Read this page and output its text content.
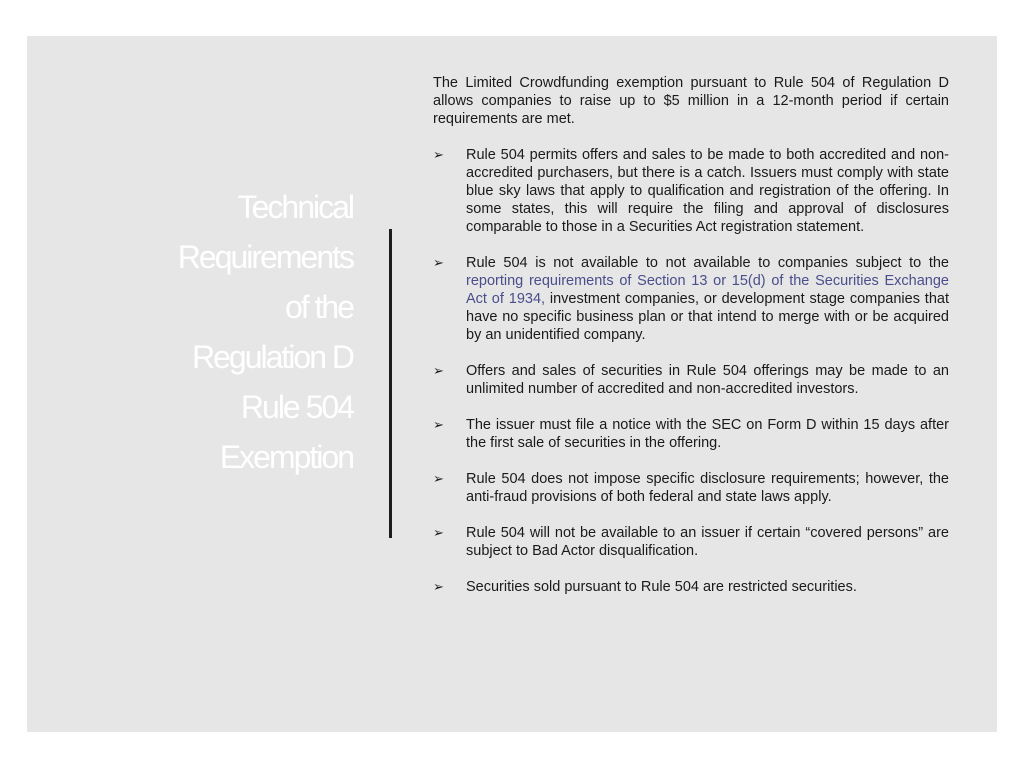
Technical
Requirements
of the
Regulation D
Rule 504
Exemption

The Limited Crowdfunding exemption pursuant to Rule 504 of Regulation D allows companies to raise up to $5 million in a 12-month period if certain requirements are met.

➢ Rule 504 permits offers and sales to be made to both accredited and non-accredited purchasers, but there is a catch. Issuers must comply with state blue sky laws that apply to qualification and registration of the offering. In some states, this will require the filing and approval of disclosures comparable to those in a Securities Act registration statement.
➢ Rule 504 is not available to not available to companies subject to the reporting requirements of Section 13 or 15(d) of the Securities Exchange Act of 1934, investment companies, or development stage companies that have no specific business plan or that intend to merge with or be acquired by an unidentified company.
➢ Offers and sales of securities in Rule 504 offerings may be made to an unlimited number of accredited and non-accredited investors.
➢ The issuer must file a notice with the SEC on Form D within 15 days after the first sale of securities in the offering.
➢ Rule 504 does not impose specific disclosure requirements; however, the anti-fraud provisions of both federal and state laws apply.
➢ Rule 504 will not be available to an issuer if certain “covered persons” are subject to Bad Actor disqualification.
➢ Securities sold pursuant to Rule 504 are restricted securities.
